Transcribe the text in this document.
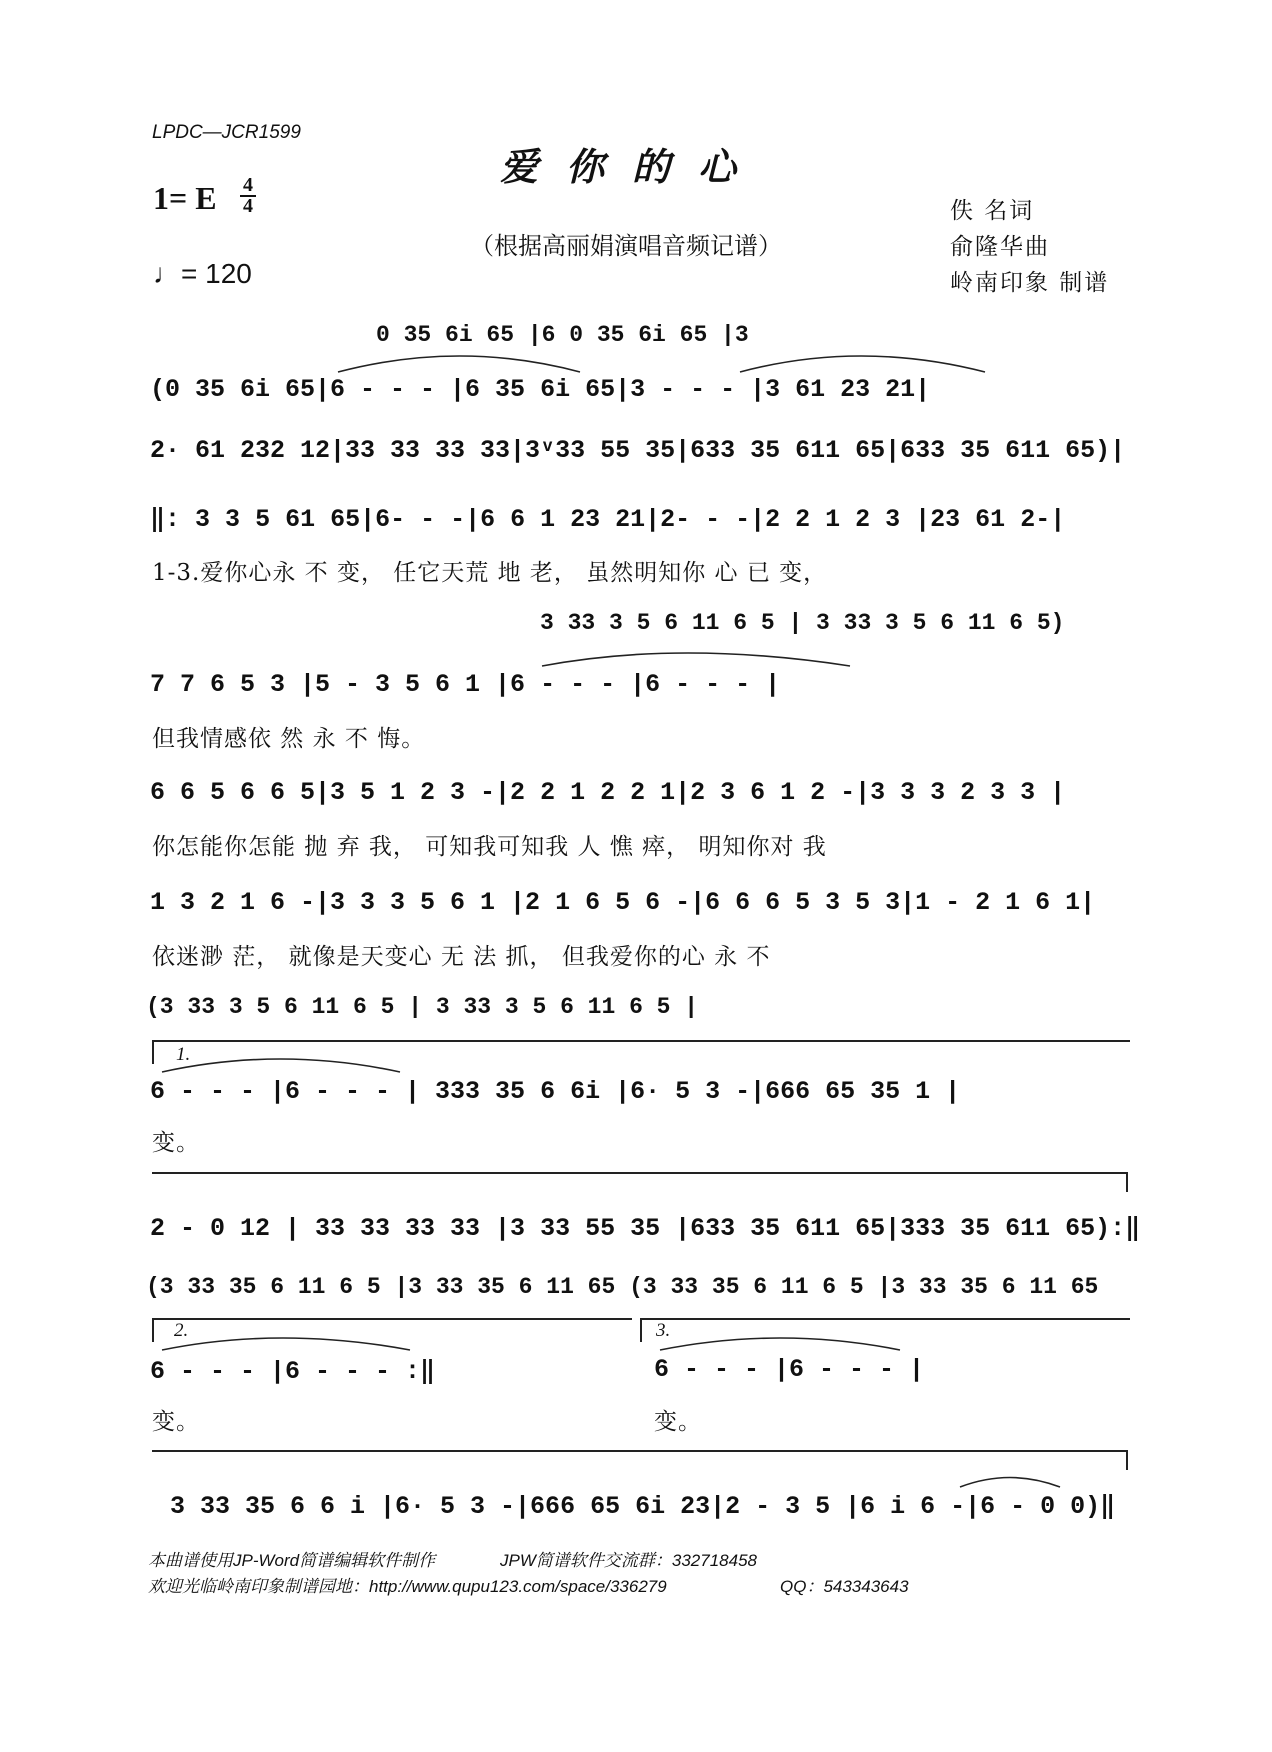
LPDC—JCR1599
爱你的心
1= E 4
4
♩= 120
（根据高丽娟演唱音频记谱）
佚 名词
俞隆华曲
岭南印象 制谱
0 35 6i 65 |6 0 35 6i 65 |3
(0 35 6i 65|6 - - - |6 35 6i 65|3 - - - |3 61 23 21|
2· 61 232 12|33 33 33 33|3ᵛ33 55 35|633 35 611 65|633 35 611 65)|
‖: 3 3 5 61 65|6- - -|6 6 1 23 21|2- - -|2 2 1 2 3 |23 61 2-|
1-3.爱你心永 不 变， 任它天荒 地 老， 虽然明知你 心 已 变，
3 33 3 5 6 11 6 5 | 3 33 3 5 6 11 6 5)
7 7 6 5 3 |5 - 3 5 6 1 |6 - - - |6 - - - |
但我情感依 然 永 不 悔。
6 6 5 6 6 5|3 5 1 2 3 -|2 2 1 2 2 1|2 3 6 1 2 -|3 3 3 2 3 3 |
你怎能你怎能 抛 弃 我， 可知我可知我 人 憔 瘁， 明知你对 我
1 3 2 1 6 -|3 3 3 5 6 1 |2 1 6 5 6 -|6 6 6 5 3 5 3|1 - 2 1 6 1|
依迷渺 茫， 就像是天变心 无 法 抓， 但我爱你的心 永 不
(3 33 3 5 6 11 6 5 | 3 33 3 5 6 11 6 5 |
1.
6 - - - |6 - - - | 333 35 6 6i |6· 5 3 -|666 65 35 1 |
变。
2 - 0 12 | 33 33 33 33 |3 33 55 35 |633 35 611 65|333 35 611 65):‖
(3 33 35 6 11 6 5 |3 33 35 6 11 65 (3 33 35 6 11 6 5 |3 33 35 6 11 65
2.	3.
6 - - - |6 - - - :‖	6 - - - |6 - - - |
变。	变。
3 33 35 6 6 i |6· 5 3 -|666 65 6i 23|2 - 3 5 |6 i 6 -|6 - 0 0)‖
本曲谱使用JP-Word简谱编辑软件制作	JPW简谱软件交流群：332718458
欢迎光临岭南印象制谱园地：http://www.qupu123.com/space/336279	QQ：543343643
